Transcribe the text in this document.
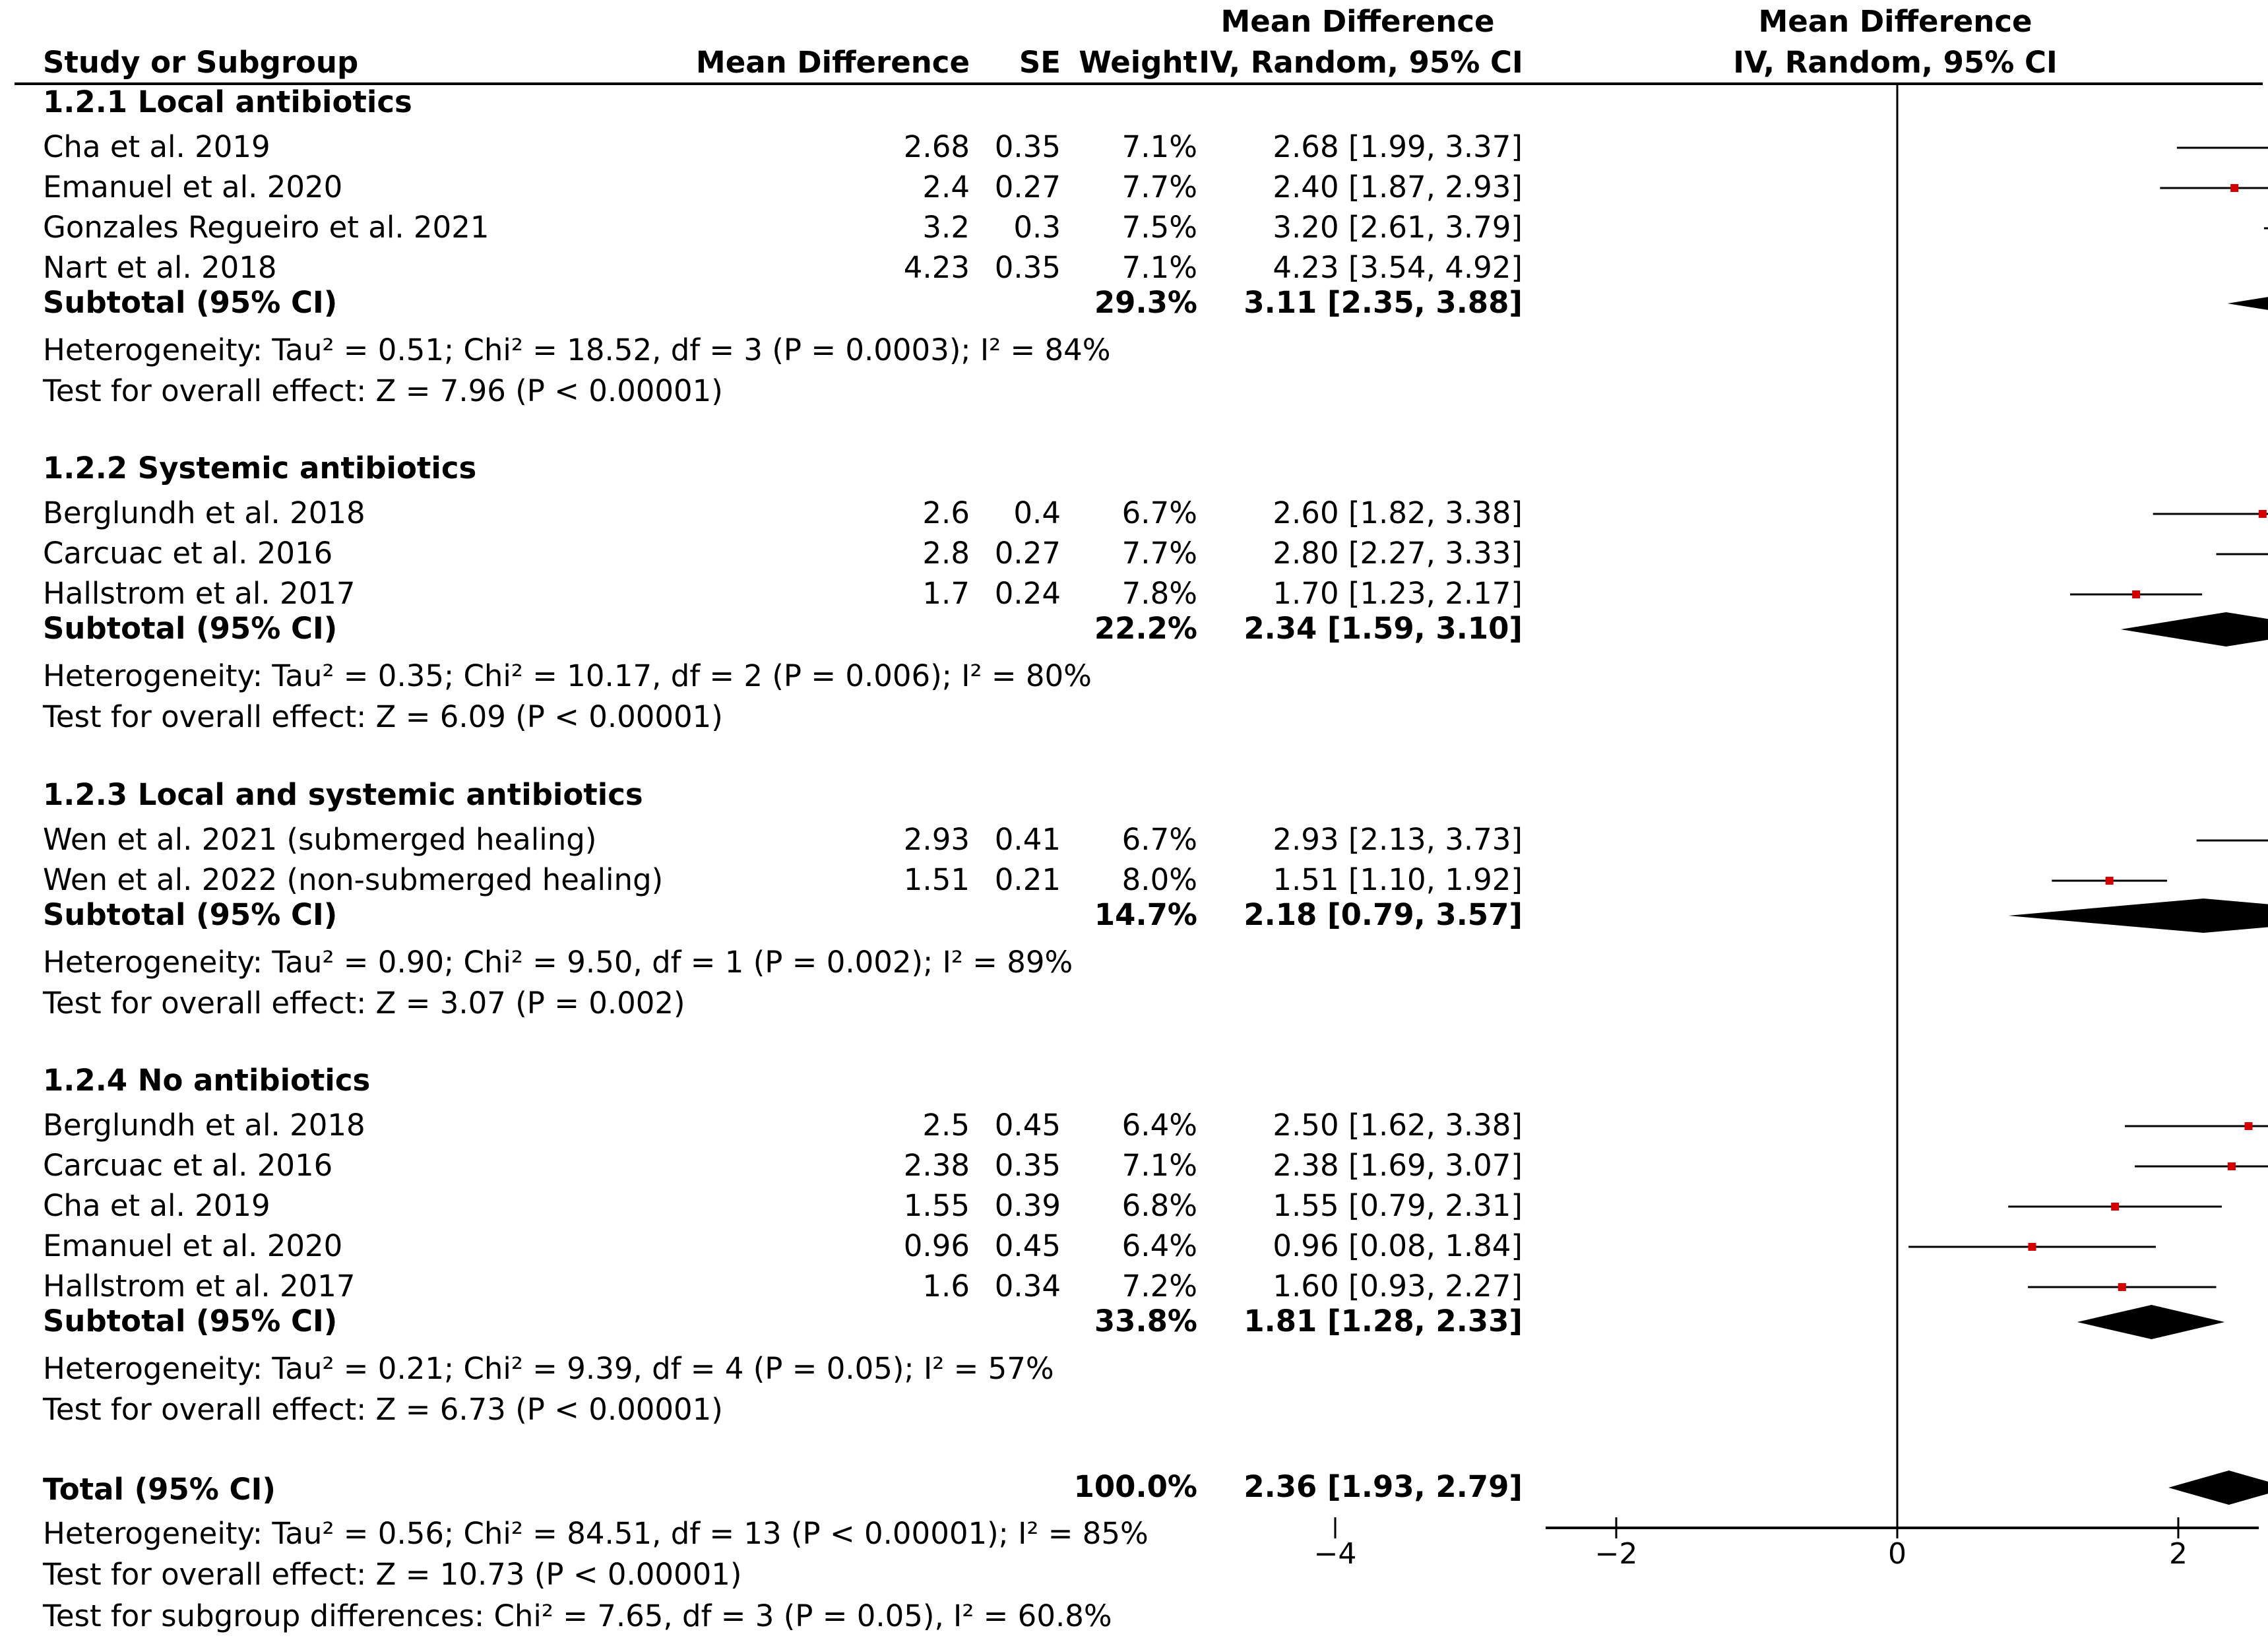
Mean Difference	Mean Difference
Study or Subgroup	Mean Difference SE Weight IV, Random, 95% CI	IV, Random, 95% CI
1.2.1 Local antibiotics
Cha et al. 2019	2.68 0.35 7.1%	2.68 [1.99, 3.37]
Emanuel et al. 2020	2.4 0.27 7.7%	2.40 [1.87, 2.93]
Gonzales Regueiro et al. 2021	3.2 0.3 7.5%	3.20 [2.61, 3.79]
Nart et al. 2018	4.23 0.35 7.1%	4.23 [3.54, 4.92]
Subtotal (95% CI)	29.3% 3.11 [2.35, 3.88]
Heterogeneity: Tau² = 0.51; Chi² = 18.52, df = 3 (P = 0.0003); I² = 84%
Test for overall effect: Z = 7.96 (P < 0.00001)
1.2.2 Systemic antibiotics
Berglundh et al. 2018	2.6 0.4 6.7%	2.60 [1.82, 3.38]
Carcuac et al. 2016	2.8 0.27 7.7%	2.80 [2.27, 3.33]
Hallstrom et al. 2017	1.7 0.24 7.8%	1.70 [1.23, 2.17]
Subtotal (95% CI)	22.2% 2.34 [1.59, 3.10]
Heterogeneity: Tau² = 0.35; Chi² = 10.17, df = 2 (P = 0.006); I² = 80%
Test for overall effect: Z = 6.09 (P < 0.00001)
1.2.3 Local and systemic antibiotics
Wen et al. 2021 (submerged healing)	2.93 0.41 6.7%	2.93 [2.13, 3.73]
Wen et al. 2022 (non-submerged healing)	1.51 0.21 8.0%	1.51 [1.10, 1.92]
Subtotal (95% CI)	14.7% 2.18 [0.79, 3.57]
Heterogeneity: Tau² = 0.90; Chi² = 9.50, df = 1 (P = 0.002); I² = 89%
Test for overall effect: Z = 3.07 (P = 0.002)
1.2.4 No antibiotics
Berglundh et al. 2018	2.5 0.45 6.4%	2.50 [1.62, 3.38]
Carcuac et al. 2016	2.38 0.35 7.1%	2.38 [1.69, 3.07]
Cha et al. 2019	1.55 0.39 6.8%	1.55 [0.79, 2.31]
Emanuel et al. 2020	0.96 0.45 6.4%	0.96 [0.08, 1.84]
Hallstrom et al. 2017	1.6 0.34 7.2%	1.60 [0.93, 2.27]
Subtotal (95% CI)	33.8% 1.81 [1.28, 2.33]
Heterogeneity: Tau² = 0.21; Chi² = 9.39, df = 4 (P = 0.05); I² = 57%
Test for overall effect: Z = 6.73 (P < 0.00001)
Total (95% CI)	100.0% 2.36 [1.93, 2.79]
Heterogeneity: Tau² = 0.56; Chi² = 84.51, df = 13 (P < 0.00001); I² = 85%
Test for overall effect: Z = 10.73 (P < 0.00001)
Test for subgroup differences: Chi² = 7.65, df = 3 (P = 0.05), I² = 60.8%
−4	−2	0	2
